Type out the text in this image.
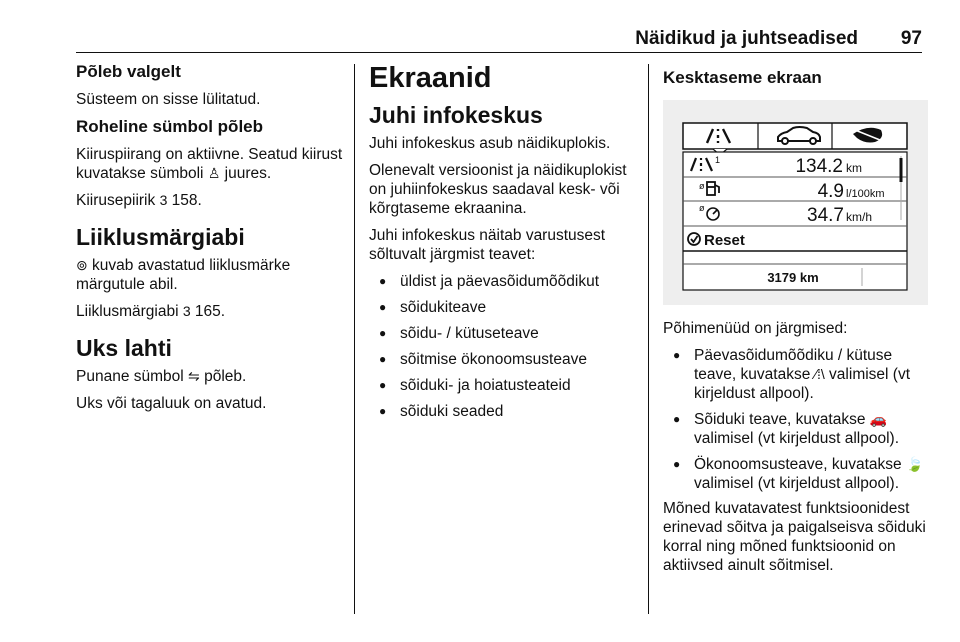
Näidikud ja juhtseadised 97
Põleb valgelt

Süsteem on sisse lülitatud.

Roheline sümbol põleb

Kiiruspiirang on aktiivne. Seatud kiirust kuvatakse sümboli ♙ juures.

Kiirusepiirik 3 158.

Liiklusmärgiabi

⊚ kuvab avastatud liiklusmärke märgutule abil.

Liiklusmärgiabi 3 165.

Uks lahti

Punane sümbol ⇋ põleb.

Uks või tagaluuk on avatud.

Ekraanid
Juhi infokeskus

Juhi infokeskus asub näidikuplokis.

Olenevalt versioonist ja näidikuplokist on juhiinfokeskus saadaval kesk- või kõrgtaseme ekraanina.

Juhi infokeskus näitab varustusest sõltuvalt järgmist teavet:

● üldist ja päevasõidumõõdikut
● sõidukiteave
● sõidu- / kütuseteave
● sõitmise ökonoomsusteave
● sõiduki- ja hoiatusteateid
● sõiduki seaded
Kesktaseme ekraan
1	134.2 km
ø	4.9 l/100km
ø	34.7 km/h
Reset
3179 km

Põhimenüüd on järgmised:

● Päevasõidumõõdiku / kütuse teave, kuvatakse ⁄⁞\ valimisel (vt kirjeldust allpool).
● Sõiduki teave, kuvatakse 🚗 valimisel (vt kirjeldust allpool).
● Ökonoomsusteave, kuvatakse 🍃 valimisel (vt kirjeldust allpool).

Mõned kuvatavatest funktsioonidest erinevad sõitva ja paigalseisva sõiduki korral ning mõned funktsioonid on aktiivsed ainult sõitmisel.
